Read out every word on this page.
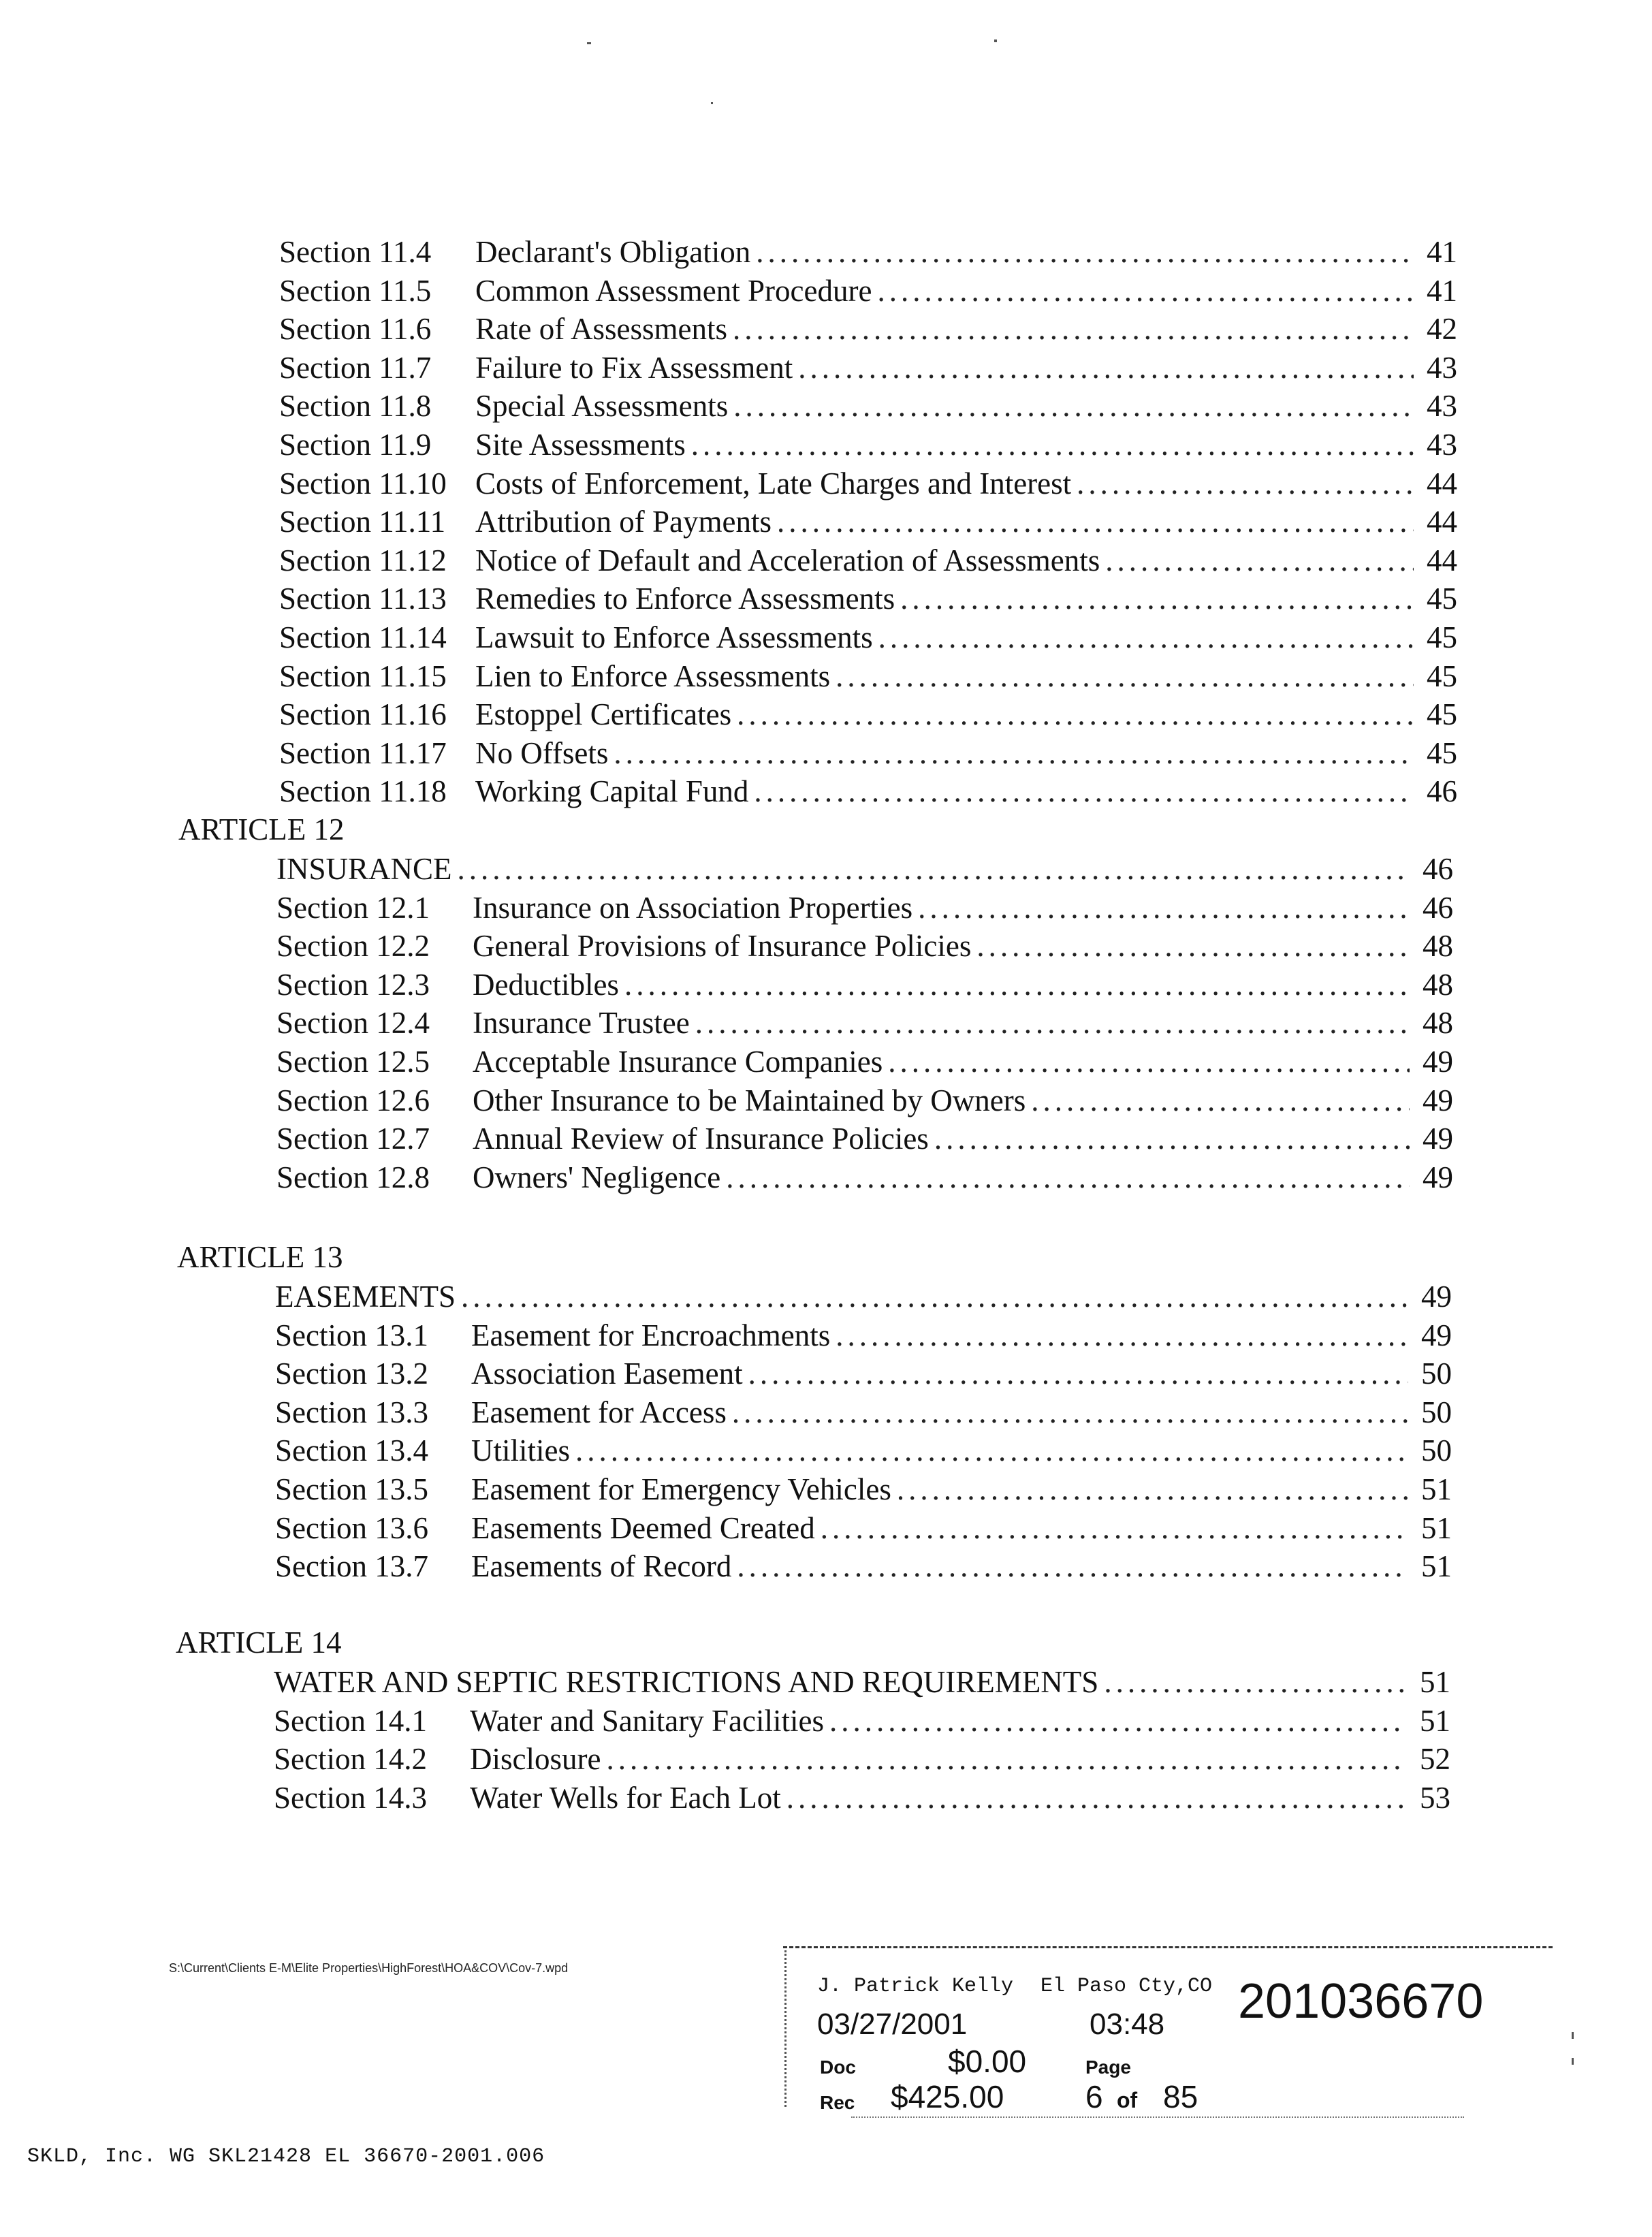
Section 11.4	Declarant's Obligation .....	41
Section 11.5	Common Assessment Procedure .....	41
Section 11.6	Rate of Assessments .....	42
Section 11.7	Failure to Fix Assessment .....	43
Section 11.8	Special Assessments .....	43
Section 11.9	Site Assessments .....	43
Section 11.10 Costs of Enforcement, Late Charges and Interest .....	44
Section 11.11 Attribution of Payments .....	44
Section 11.12 Notice of Default and Acceleration of Assessments .....	44
Section 11.13 Remedies to Enforce Assessments .....	45
Section 11.14 Lawsuit to Enforce Assessments .....	45
Section 11.15 Lien to Enforce Assessments .....	45
Section 11.16 Estoppel Certificates .....	45
Section 11.17 No Offsets .....	45
Section 11.18 Working Capital Fund .....	46
ARTICLE 12
INSURANCE .....	46
Section 12.1	Insurance on Association Properties .....	46
Section 12.2	General Provisions of Insurance Policies .....	48
Section 12.3	Deductibles .....	48
Section 12.4	Insurance Trustee .....	48
Section 12.5	Acceptable Insurance Companies .....	49
Section 12.6	Other Insurance to be Maintained by Owners .....	49
Section 12.7	Annual Review of Insurance Policies .....	49
Section 12.8	Owners' Negligence .....	49
ARTICLE 13
EASEMENTS .....	49
Section 13.1	Easement for Encroachments .....	49
Section 13.2	Association Easement .....	50
Section 13.3	Easement for Access .....	50
Section 13.4	Utilities .....	50
Section 13.5	Easement for Emergency Vehicles .....	51
Section 13.6	Easements Deemed Created .....	51
Section 13.7	Easements of Record .....	51
ARTICLE 14
WATER AND SEPTIC RESTRICTIONS AND REQUIREMENTS .....	51
Section 14.1	Water and Sanitary Facilities .....	51
Section 14.2	Disclosure .....	52
Section 14.3	Water Wells for Each Lot .....	53
S:\Current\Clients E-M\Elite Properties\HighForest\HOA&COV\Cov-7.wpd
J. Patrick Kelly El Paso Cty,CO 201036670
03/27/2001	03:48
Doc	$0.00	Page
Rec $425.00	6 of 85
SKLD, Inc. WG SKL21428 EL 36670-2001.006
